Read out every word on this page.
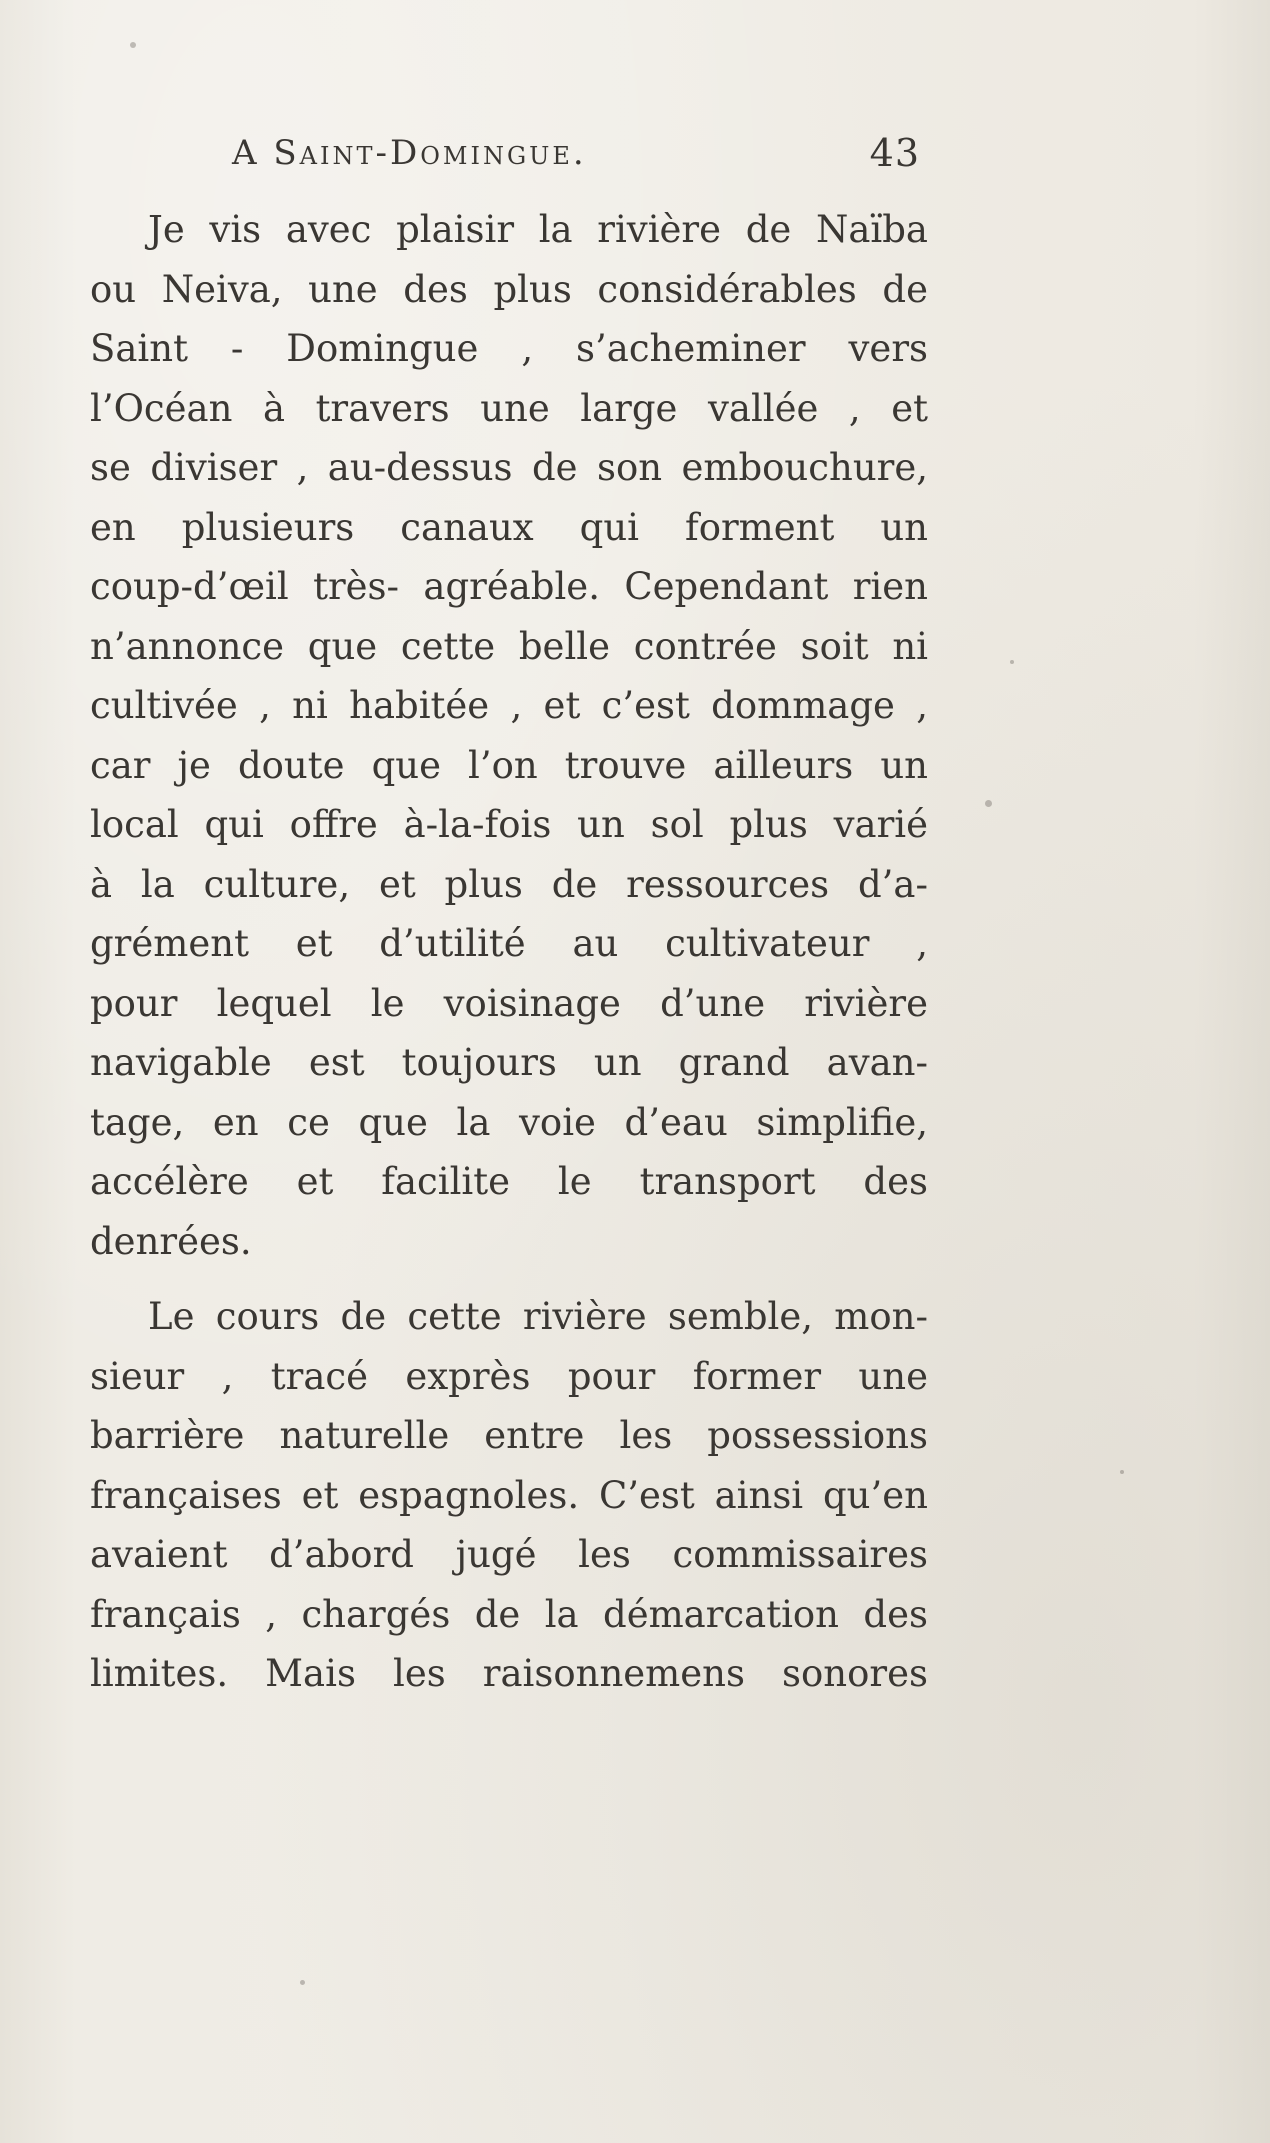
A Saint-Domingue.	43
Je vis avec plaisir la rivière de Naïba
ou Neiva, une des plus considérables de
Saint - Domingue , s’acheminer vers
l’Océan à travers une large vallée , et
se diviser , au-dessus de son embouchure,
en plusieurs canaux qui forment un
coup-d’œil très- agréable. Cependant rien
n’annonce que cette belle contrée soit ni
cultivée , ni habitée , et c’est dommage ,
car je doute que l’on trouve ailleurs un
local qui offre à-la-fois un sol plus varié
à la culture, et plus de ressources d’a-
grément et d’utilité au cultivateur ,
pour lequel le voisinage d’une rivière
navigable est toujours un grand avan-
tage, en ce que la voie d’eau simplifie,
accélère et facilite le transport des
denrées.
Le cours de cette rivière semble, mon-
sieur , tracé exprès pour former une
barrière naturelle entre les possessions
françaises et espagnoles. C’est ainsi qu’en
avaient d’abord jugé les commissaires
français , chargés de la démarcation des
limites. Mais les raisonnemens sonores
